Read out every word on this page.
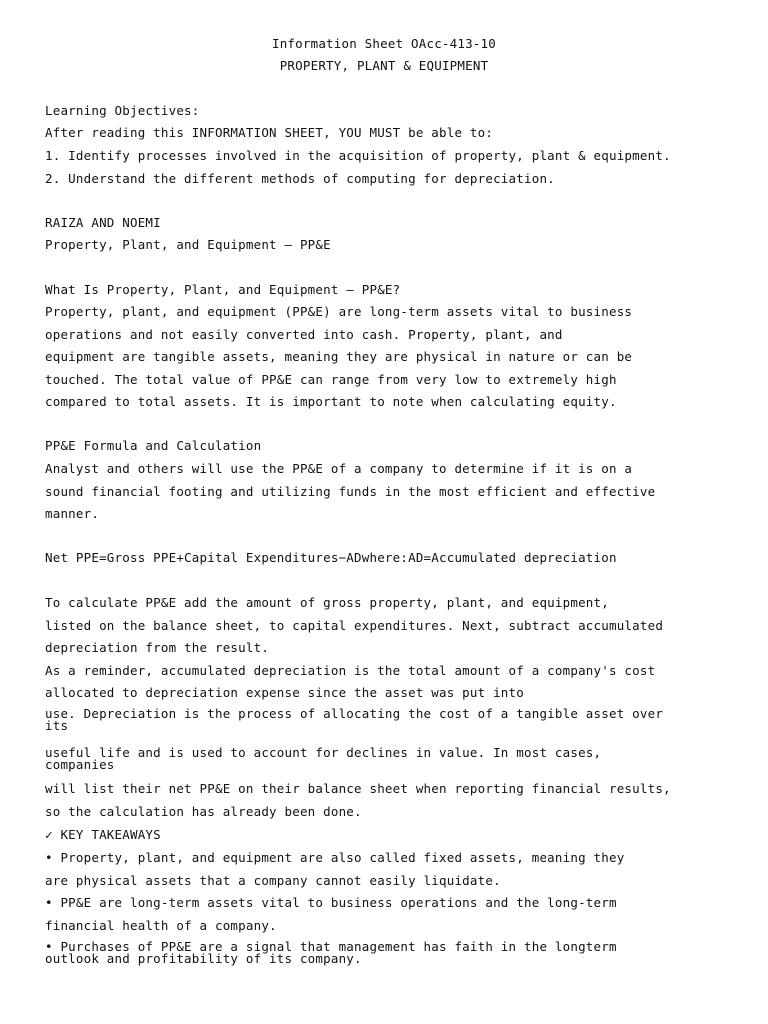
Information Sheet OAcc-413-10
PROPERTY, PLANT & EQUIPMENT
Learning Objectives:
After reading this INFORMATION SHEET, YOU MUST be able to:
1. Identify processes involved in the acquisition of property, plant & equipment.
2. Understand the different methods of computing for depreciation.
RAIZA AND NOEMI
Property, Plant, and Equipment – PP&E
What Is Property, Plant, and Equipment – PP&E?
Property, plant, and equipment (PP&E) are long-term assets vital to business
operations and not easily converted into cash. Property, plant, and
equipment are tangible assets, meaning they are physical in nature or can be
touched. The total value of PP&E can range from very low to extremely high
compared to total assets. It is important to note when calculating equity.
PP&E Formula and Calculation
Analyst and others will use the PP&E of a company to determine if it is on a
sound financial footing and utilizing funds in the most efficient and effective
manner.
Net PPE=Gross PPE+Capital Expenditures−ADwhere:AD=Accumulated depreciation
To calculate PP&E add the amount of gross property, plant, and equipment,
listed on the balance sheet, to capital expenditures. Next, subtract accumulated
depreciation from the result.
As a reminder, accumulated depreciation is the total amount of a company's cost
allocated to depreciation expense since the asset was put into
use. Depreciation is the process of allocating the cost of a tangible asset over
its
useful life and is used to account for declines in value. In most cases,
companies
will list their net PP&E on their balance sheet when reporting financial results,
so the calculation has already been done.
✓ KEY TAKEAWAYS
• Property, plant, and equipment are also called fixed assets, meaning they
are physical assets that a company cannot easily liquidate.
• PP&E are long-term assets vital to business operations and the long-term
financial health of a company.
• Purchases of PP&E are a signal that management has faith in the longterm
outlook and profitability of its company.
